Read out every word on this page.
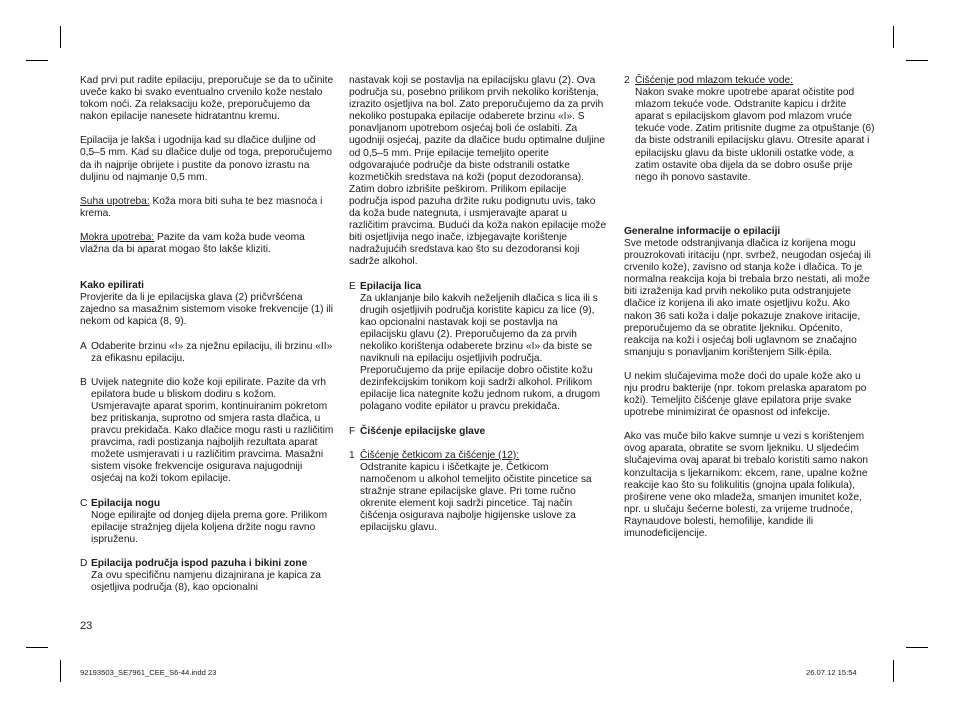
Kad prvi put radite epilaciju, preporučuje se da to učinite uveče kako bi svako eventualno crvenilo kože nestalo tokom noći. Za relaksaciju kože, preporučujemo da nakon epilacije nanesete hidratantnu kremu.

Epilacija je lakša i ugodnija kad su dlačice duljine od 0,5–5 mm. Kad su dlačice dulje od toga, preporučujemo da ih najprije obrijete i pustite da ponovo izrastu na duljinu od najmanje 0,5 mm.

Suha upotreba: Koža mora biti suha te bez masnoća i krema.

Mokra upotreba: Pazite da vam koža bude veoma vlažna da bi aparat mogao što lakše kliziti.

Kako epilirati

Provjerite da li je epilacijska glava (2) pričvršćena zajedno sa masažnim sistemom visoke frekvencije (1) ili nekom od kapica (8, 9).

A Odaberite brzinu «I» za nježnu epilaciju, ili brzinu «II» za efikasnu epilaciju.
B Uvijek nategnite dio kože koji epilirate. Pazite da vrh epilatora bude u bliskom dodiru s kožom. Usmjeravajte aparat sporim, kontinuiranim pokretom bez pritiskanja, suprotno od smjera rasta dlačica, u pravcu prekidača. Kako dlačice mogu rasti u različitim pravcima, radi postizanja najboljih rezultata aparat možete usmjeravati i u različitim pravcima. Masažni sistem visoke frekvencije osigurava najugodniji osjećaj na koži tokom epilacije.
C Epilacija nogu
Noge epilirajte od donjeg dijela prema gore. Prilikom epilacije stražnjeg dijela koljena držite nogu ravno ispruženu.
D Epilacija područja ispod pazuha i bikini zone
Za ovu specifičnu namjenu dizajnirana je kapica za osjetljiva područja (8), kao opcionalni

nastavak koji se postavlja na epilacijsku glavu (2). Ova područja su, posebno prilikom prvih nekoliko korištenja, izrazito osjetljiva na bol. Zato preporučujemo da za prvih nekoliko postupaka epilacije odaberete brzinu «I». S ponavljanom upotrebom osjećaj boli će oslabiti. Za ugodniji osjećaj, pazite da dlačice budu optimalne duljine od 0,5–5 mm. Prije epilacije temeljito operite odgovarajuće područje da biste odstranili ostatke kozmetičkih sredstava na koži (poput dezodoransa). Zatim dobro izbrišite peškirom. Prilikom epilacije područja ispod pazuha držite ruku podignutu uvis, tako da koža bude nategnuta, i usmjeravajte aparat u različitim pravcima. Budući da koža nakon epilacije može biti osjetljivija nego inače, izbjegavajte korištenje nadražujućih sredstava kao što su dezodoransi koji sadrže alkohol.

E Epilacija lica
Za uklanjanje bilo kakvih neželjenih dlačica s lica ili s drugih osjetljivih područja koristite kapicu za lice (9), kao opcionalni nastavak koji se postavlja na epilacijsku glavu (2). Preporučujemo da za prvih nekoliko korištenja odaberete brzinu «I» da biste se naviknuli na epilaciju osjetljivih područja. Preporučujemo da prije epilacije dobro očistite kožu dezinfekcijskim tonikom koji sadrži alkohol. Prilikom epilacije lica nategnite kožu jednom rukom, a drugom polagano vodite epilator u pravcu prekidača.
F Čišćenje epilacijske glave
1 Čišćenje četkicom za čišćenje (12):
Odstranite kapicu i iščetkajte je. Četkicom namočenom u alkohol temeljito očistite pincetice sa stražnje strane epilacijske glave. Pri tome ručno okrenite element koji sadrži pincetice. Taj način čišćenja osigurava najbolje higijenske uslove za epilacijsku glavu.
2 Čišćenje pod mlazom tekuće vode:
Nakon svake mokre upotrebe aparat očistite pod mlazom tekuće vode. Odstranite kapicu i držite aparat s epilacijskom glavom pod mlazom vruće tekuće vode. Zatim pritisnite dugme za otpuštanje (6) da biste odstranili epilacijsku glavu. Otresite aparat i epilacijsku glavu da biste uklonili ostatke vode, a zatim ostavite oba dijela da se dobro osuše prije nego ih ponovo sastavite.

Generalne informacije o epilaciji

Sve metode odstranjivanja dlačica iz korijena mogu prouzrokovati iritaciju (npr. svrbež, neugodan osjećaj ili crvenilo kože), zavisno od stanja kože i dlačica. To je normalna reakcija koja bi trebala brzo nestati, ali može biti izraženija kad prvih nekoliko puta odstranjujete dlačice iz korijena ili ako imate osjetljivu kožu. Ako nakon 36 sati koža i dalje pokazuje znakove iritacije, preporučujemo da se obratite ljekniku. Općenito, reakcija na koži i osjećaj boli uglavnom se značajno smanjuju s ponavljanim korištenjem Silk·épila.

U nekim slučajevima može doći do upale kože ako u nju prodru bakterije (npr. tokom prelaska aparatom po koži). Temeljito čišćenje glave epilatora prije svake upotrebe minimizirat će opasnost od infekcije.

Ako vas muče bilo kakve sumnje u vezi s korištenjem ovog aparata, obratite se svom ljekniku. U sljedećim slučajevima ovaj aparat bi trebalo koristiti samo nakon konzultacija s ljekarnikom: ekcem, rane, upalne kožne reakcije kao što su folikulitis (gnojna upala folikula), proširene vene oko mladeža, smanjen imunitet kože, npr. u slučaju šećerne bolesti, za vrijeme trudnoće, Raynaudove bolesti, hemofilije, kandide ili imunodeficijencije.

23
92193503_SE7961_CEE_S6-44.indd 23	26.07.12 15:54
